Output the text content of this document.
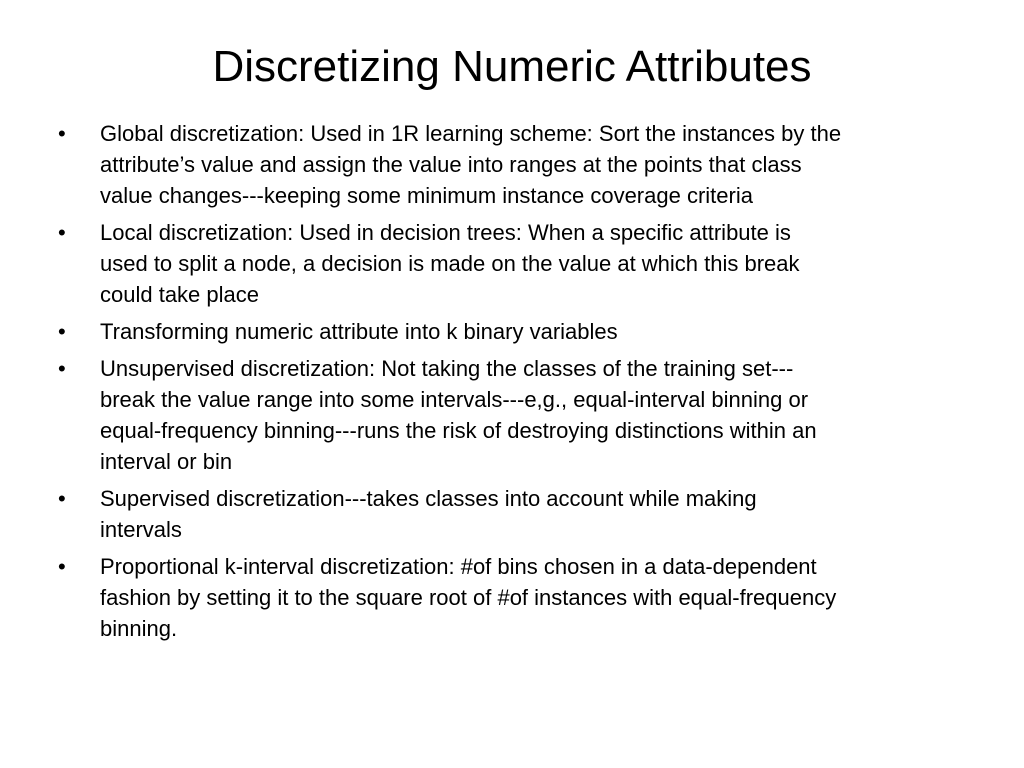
Discretizing Numeric Attributes
•	Global discretization: Used in 1R learning scheme: Sort the instances by the
attribute’s value and assign the value into ranges at the points that class
value changes---keeping some minimum instance coverage criteria
•	Local discretization: Used in decision trees: When a specific attribute is
used to split a node, a decision is made on the value at which this break
could take place
•	Transforming numeric attribute into k binary variables
•	Unsupervised discretization: Not taking the classes of the training set---
break the value range into some intervals---e,g., equal-interval binning or
equal-frequency binning---runs the risk of destroying distinctions within an
interval or bin
•	Supervised discretization---takes classes into account while making
intervals
•	Proportional k-interval discretization: #of bins chosen in a data-dependent
fashion by setting it to the square root of #of instances with equal-frequency
binning.
